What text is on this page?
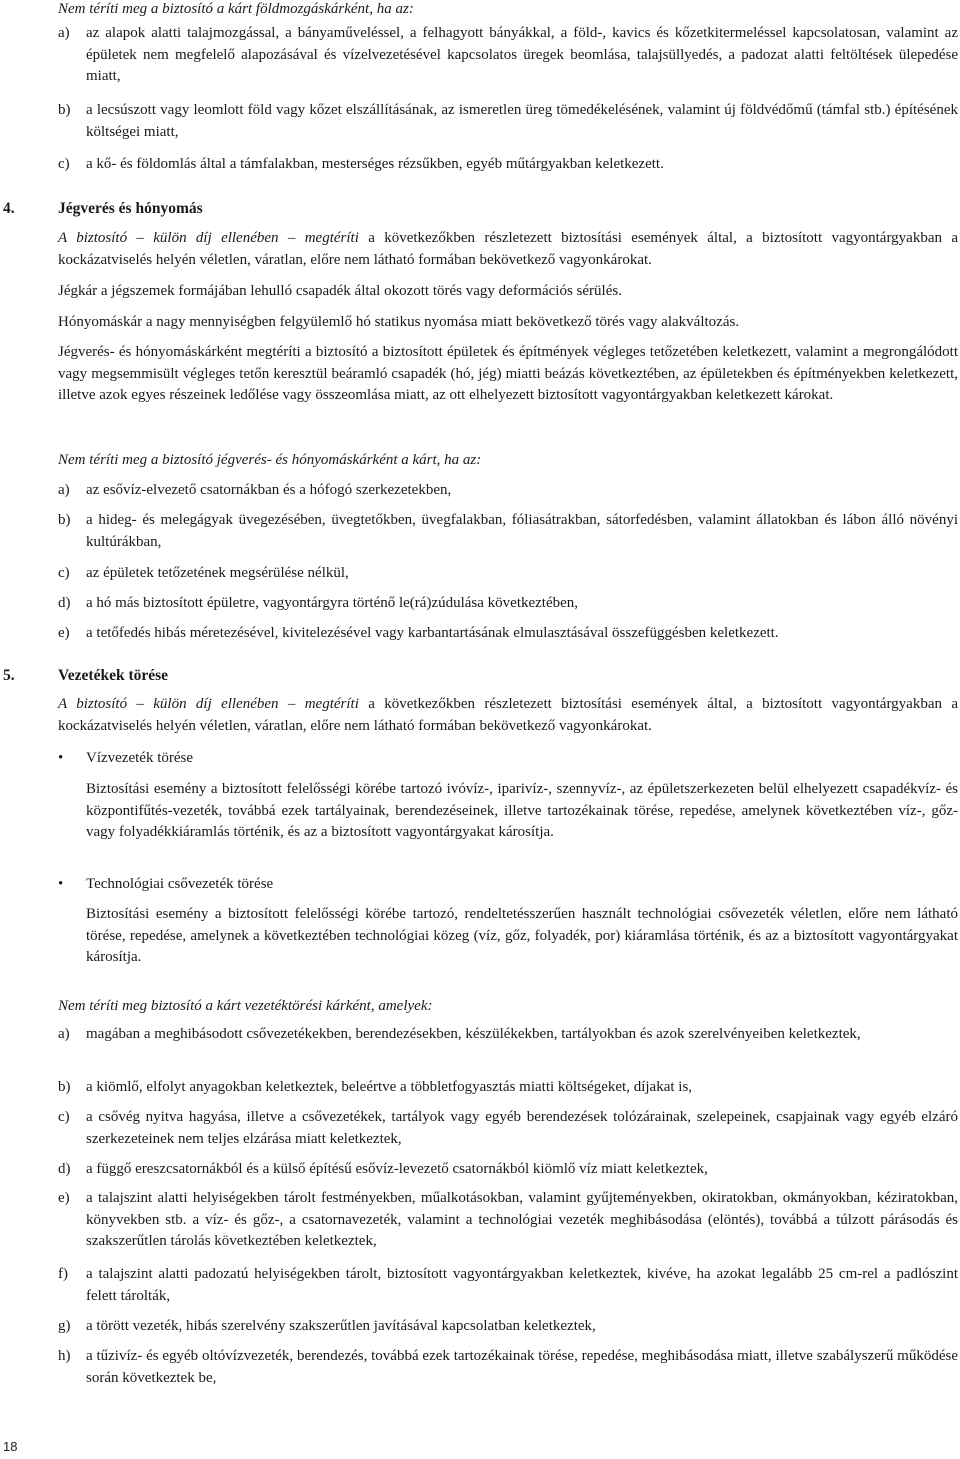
Nem téríti meg a biztosító a kárt földmozgáskárként, ha az:

a)	az alapok alatti talajmozgással, a bányaműveléssel, a felhagyott bányákkal, a föld-, kavics és kőzetkitermeléssel kapcsolatosan, valamint az épületek nem megfelelő alapozásával és vízelvezetésével kapcsolatos üregek beomlása, talajsüllyedés, a padozat alatti feltöltések ülepedése miatt,

b)	a lecsúszott vagy leomlott föld vagy kőzet elszállításának, az ismeretlen üreg tömedékelésének, valamint új földvédőmű (támfal stb.) építésének költségei miatt,

c)	a kő- és földomlás által a támfalakban, mesterséges rézsűkben, egyéb műtárgyakban keletkezett.

4.	Jégverés és hónyomás

A biztosító – külön díj ellenében – megtéríti a következőkben részletezett biztosítási események által, a biztosított vagyontárgyakban a kockázatviselés helyén véletlen, váratlan, előre nem látható formában bekövetkező vagyonkárokat.

Jégkár a jégszemek formájában lehulló csapadék által okozott törés vagy deformációs sérülés.

Hónyomáskár a nagy mennyiségben felgyülemlő hó statikus nyomása miatt bekövetkező törés vagy alakváltozás.

Jégverés- és hónyomáskárként megtéríti a biztosító a biztosított épületek és építmények végleges tetőzetében keletkezett, valamint a megrongálódott vagy megsemmisült végleges tetőn keresztül beáramló csapadék (hó, jég) miatti beázás következtében, az épületekben és építményekben keletkezett, illetve azok egyes részeinek ledőlése vagy összeomlása miatt, az ott elhelyezett biztosított vagyontárgyakban keletkezett károkat.

Nem téríti meg a biztosító jégverés- és hónyomáskárként a kárt, ha az:

a)	az esővíz-elvezető csatornákban és a hófogó szerkezetekben,

b)	a hideg- és melegágyak üvegezésében, üvegtetőkben, üvegfalakban, fóliasátrakban, sátorfedésben, valamint állatokban és lábon álló növényi kultúrákban,

c)	az épületek tetőzetének megsérülése nélkül,

d)	a hó más biztosított épületre, vagyontárgyra történő le(rá)zúdulása következtében,

e)	a tetőfedés hibás méretezésével, kivitelezésével vagy karbantartásának elmulasztásával összefüggésben keletkezett.

5.	Vezetékek törése

A biztosító – külön díj ellenében – megtéríti a következőkben részletezett biztosítási események által, a biztosított vagyontárgyakban a kockázatviselés helyén véletlen, váratlan, előre nem látható formában bekövetkező vagyonkárokat.

•	Vízvezeték törése

Biztosítási esemény a biztosított felelősségi körébe tartozó ivóvíz-, iparivíz-, szennyvíz-, az épületszerkezeten belül elhelyezett csapadékvíz- és központifűtés-vezeték, továbbá ezek tartályainak, berendezéseinek, illetve tartozékainak törése, repedése, amelynek következtében víz-, gőz- vagy folyadékkiáramlás történik, és az a biztosított vagyontárgyakat károsítja.

•	Technológiai csővezeték törése

Biztosítási esemény a biztosított felelősségi körébe tartozó, rendeltetésszerűen használt technológiai csővezeték véletlen, előre nem látható törése, repedése, amelynek a következtében technológiai közeg (víz, gőz, folyadék, por) kiáramlása történik, és az a biztosított vagyontárgyakat károsítja.

Nem téríti meg biztosító a kárt vezetéktörési kárként, amelyek:

a)	magában a meghibásodott csővezetékekben, berendezésekben, készülékekben, tartályokban és azok szerelvényeiben keletkeztek,

b)	a kiömlő, elfolyt anyagokban keletkeztek, beleértve a többletfogyasztás miatti költségeket, díjakat is,

c)	a csővég nyitva hagyása, illetve a csővezetékek, tartályok vagy egyéb berendezések tolózárainak, szelepeinek, csapjainak vagy egyéb elzáró szerkezeteinek nem teljes elzárása miatt keletkeztek,

d)	a függő ereszcsatornákból és a külső építésű esővíz-levezető csatornákból kiömlő víz miatt keletkeztek,

e)	a talajszint alatti helyiségekben tárolt festményekben, műalkotásokban, valamint gyűjteményekben, okiratokban, okmányokban, kéziratokban, könyvekben stb. a víz- és gőz-, a csatornavezeték, valamint a technológiai vezeték meghibásodása (elöntés), továbbá a túlzott párásodás és szakszerűtlen tárolás következtében keletkeztek,

f)	a talajszint alatti padozatú helyiségekben tárolt, biztosított vagyontárgyakban keletkeztek, kivéve, ha azokat legalább 25 cm-rel a padlószint felett tárolták,

g)	a törött vezeték, hibás szerelvény szakszerűtlen javításával kapcsolatban keletkeztek,

h)	a tűzivíz- és egyéb oltóvízvezeték, berendezés, továbbá ezek tartozékainak törése, repedése, meghibásodása miatt, illetve szabályszerű működése során következtek be,

18
